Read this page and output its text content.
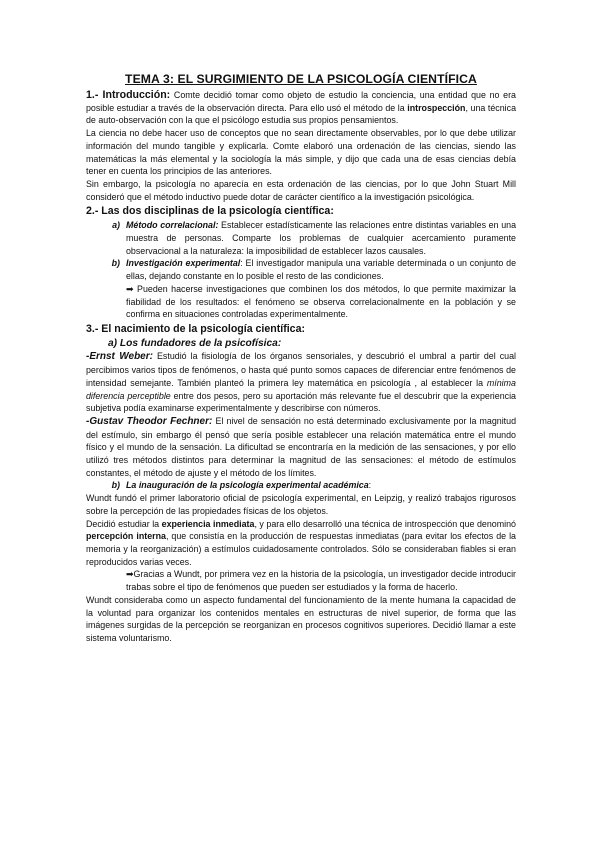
TEMA 3: EL SURGIMIENTO DE LA PSICOLOGÍA CIENTÍFICA

1.- Introducción: Comte decidió tomar como objeto de estudio la conciencia, una entidad que no era posible estudiar a través de la observación directa. Para ello usó el método de la introspección, una técnica de auto-observación con la que el psicólogo estudia sus propios pensamientos.

La ciencia no debe hacer uso de conceptos que no sean directamente observables, por lo que debe utilizar información del mundo tangible y explicarla. Comte elaboró una ordenación de las ciencias, siendo las matemáticas la más elemental y la sociología la más simple, y dijo que cada una de esas ciencias debía tener en cuenta los principios de las anteriores.

Sin embargo, la psicología no aparecía en esta ordenación de las ciencias, por lo que John Stuart Mill consideró que el método inductivo puede dotar de carácter científico a la investigación psicológica.

2.- Las dos disciplinas de la psicología científica:
a) Método correlacional: Establecer estadísticamente las relaciones entre distintas variables en una muestra de personas. Comparte los problemas de cualquier acercamiento puramente observacional a la naturaleza: la imposibilidad de establecer lazos causales.

b) Investigación experimental: El investigador manipula una variable determinada o un conjunto de ellas, dejando constante en lo posible el resto de las condiciones.

➡ Pueden hacerse investigaciones que combinen los dos métodos, lo que permite maximizar la fiabilidad de los resultados: el fenómeno se observa correlacionalmente en la población y se confirma en situaciones controladas experimentalmente.

3.- El nacimiento de la psicología científica:
a) Los fundadores de la psicofísica:

-Ernst Weber: Estudió la fisiología de los órganos sensoriales, y descubrió el umbral a partir del cual percibimos varios tipos de fenómenos, o hasta qué punto somos capaces de diferenciar entre fenómenos de intensidad semejante. También planteó la primera ley matemática en psicología , al establecer la mínima diferencia perceptible entre dos pesos, pero su aportación más relevante fue el descubrir que la experiencia subjetiva podía examinarse experimentalmente y describirse con números.

-Gustav Theodor Fechner: El nivel de sensación no está determinado exclusivamente por la magnitud del estímulo, sin embargo él pensó que sería posible establecer una relación matemática entre el mundo físico y el mundo de la sensación. La dificultad se encontraría en la medición de las sensaciones, y por ello utilizó tres métodos distintos para determinar la magnitud de las sensaciones: el método de estímulos constantes, el método de ajuste y el método de los límites.

b) La inauguración de la psicología experimental académica:

Wundt fundó el primer laboratorio oficial de psicología experimental, en Leipzig, y realizó trabajos rigurosos sobre la percepción de las propiedades físicas de los objetos.

Decidió estudiar la experiencia inmediata, y para ello desarrolló una técnica de introspección que denominó percepción interna, que consistía en la producción de respuestas inmediatas (para evitar los efectos de la memoria y la reorganización) a estímulos cuidadosamente controlados. Sólo se consideraban fiables si eran reproducidos varias veces.

➡Gracias a Wundt, por primera vez en la historia de la psicología, un investigador decide introducir trabas sobre el tipo de fenómenos que pueden ser estudiados y la forma de hacerlo.

Wundt consideraba como un aspecto fundamental del funcionamiento de la mente humana la capacidad de la voluntad para organizar los contenidos mentales en estructuras de nivel superior, de forma que las imágenes surgidas de la percepción se reorganizan en procesos cognitivos superiores. Decidió llamar a este sistema voluntarismo.
